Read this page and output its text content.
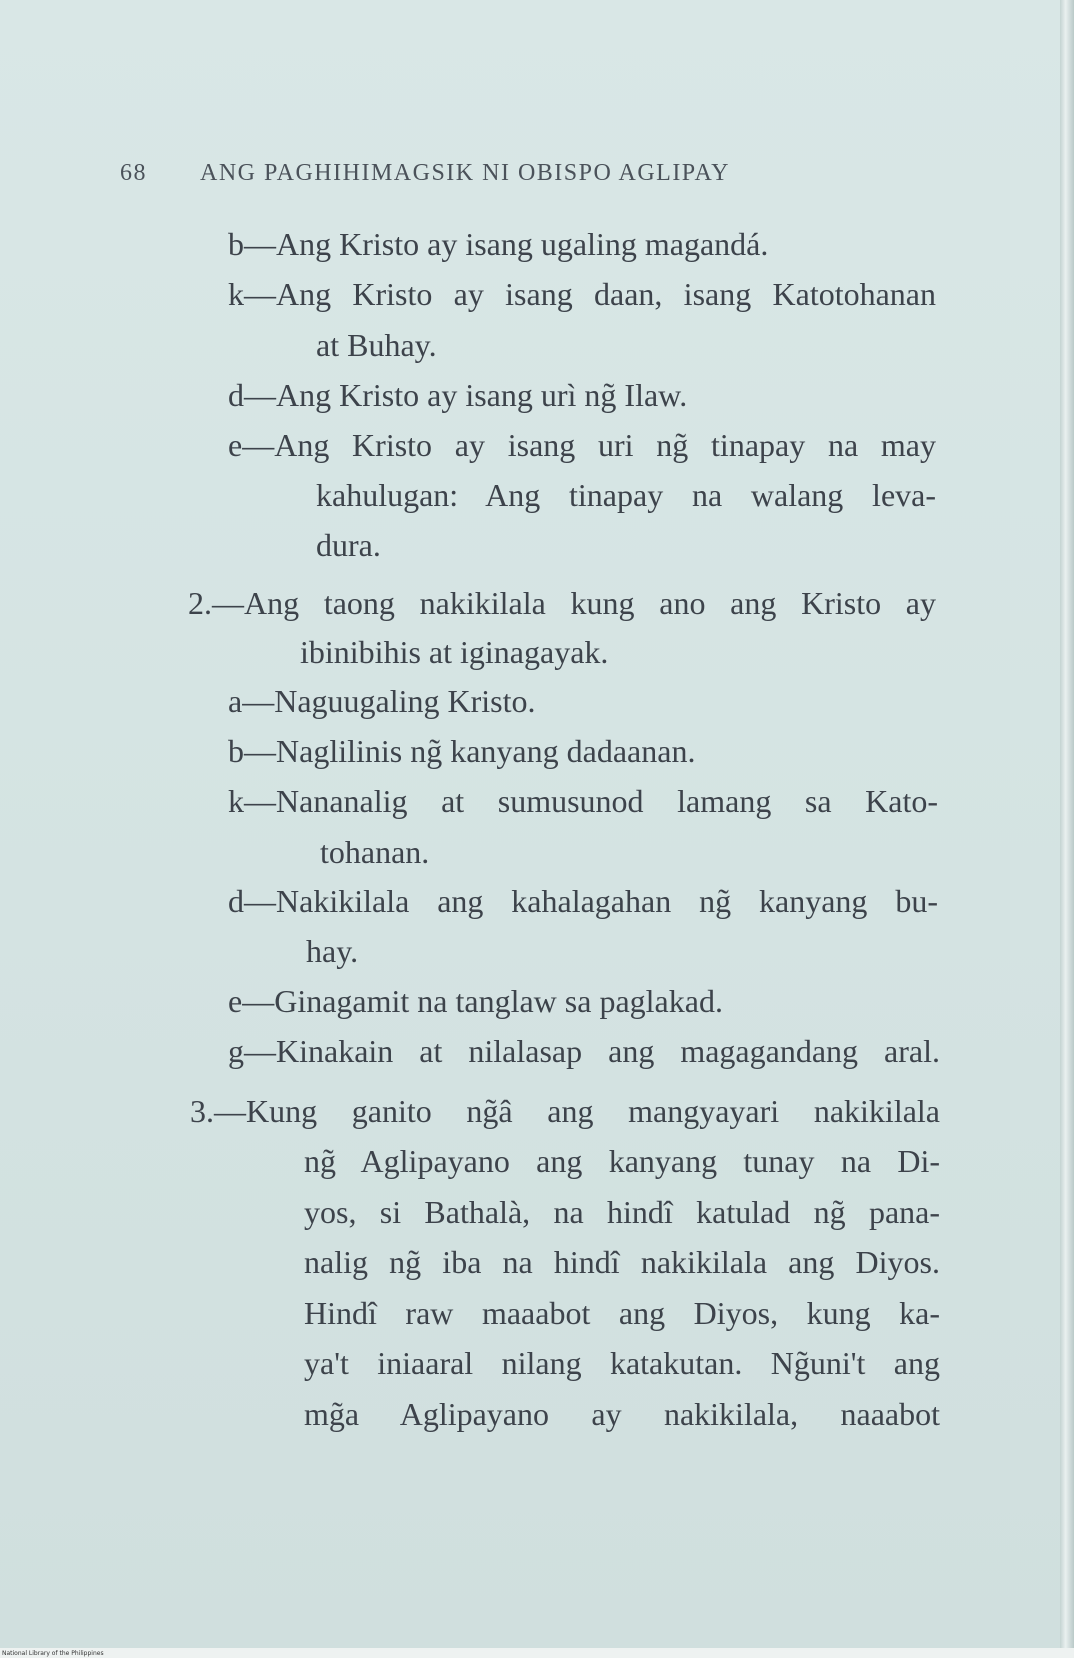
68 ANG PAGHIHIMAGSIK NI OBISPO AGLIPAY
b—Ang Kristo ay isang ugaling magandá.
k—Ang Kristo ay isang daan, isang Katotohanan
at Buhay.
d—Ang Kristo ay isang urì ng̃ Ilaw.
e—Ang Kristo ay isang uri ng̃ tinapay na may
kahulugan: Ang tinapay na walang leva-
dura.
2.—Ang taong nakikilala kung ano ang Kristo ay
ibinibihis at iginagayak.
a—Naguugaling Kristo.
b—Naglilinis ng̃ kanyang dadaanan.
k—Nananalig at sumusunod lamang sa Kato-
tohanan.
d—Nakikilala ang kahalagahan ng̃ kanyang bu-
hay.
e—Ginagamit na tanglaw sa paglakad.
g—Kinakain at nilalasap ang magagandang aral.
3.—Kung ganito ng̃â ang mangyayari nakikilala
ng̃ Aglipayano ang kanyang tunay na Di-
yos, si Bathalà, na hindî katulad ng̃ pana-
nalig ng̃ iba na hindî nakikilala ang Diyos.
Hindî raw maaabot ang Diyos, kung ka-
ya't iniaaral nilang katakutan. Ng̃uni't ang
mg̃a Aglipayano ay nakikilala, naaabot
National Library of the Philippines
